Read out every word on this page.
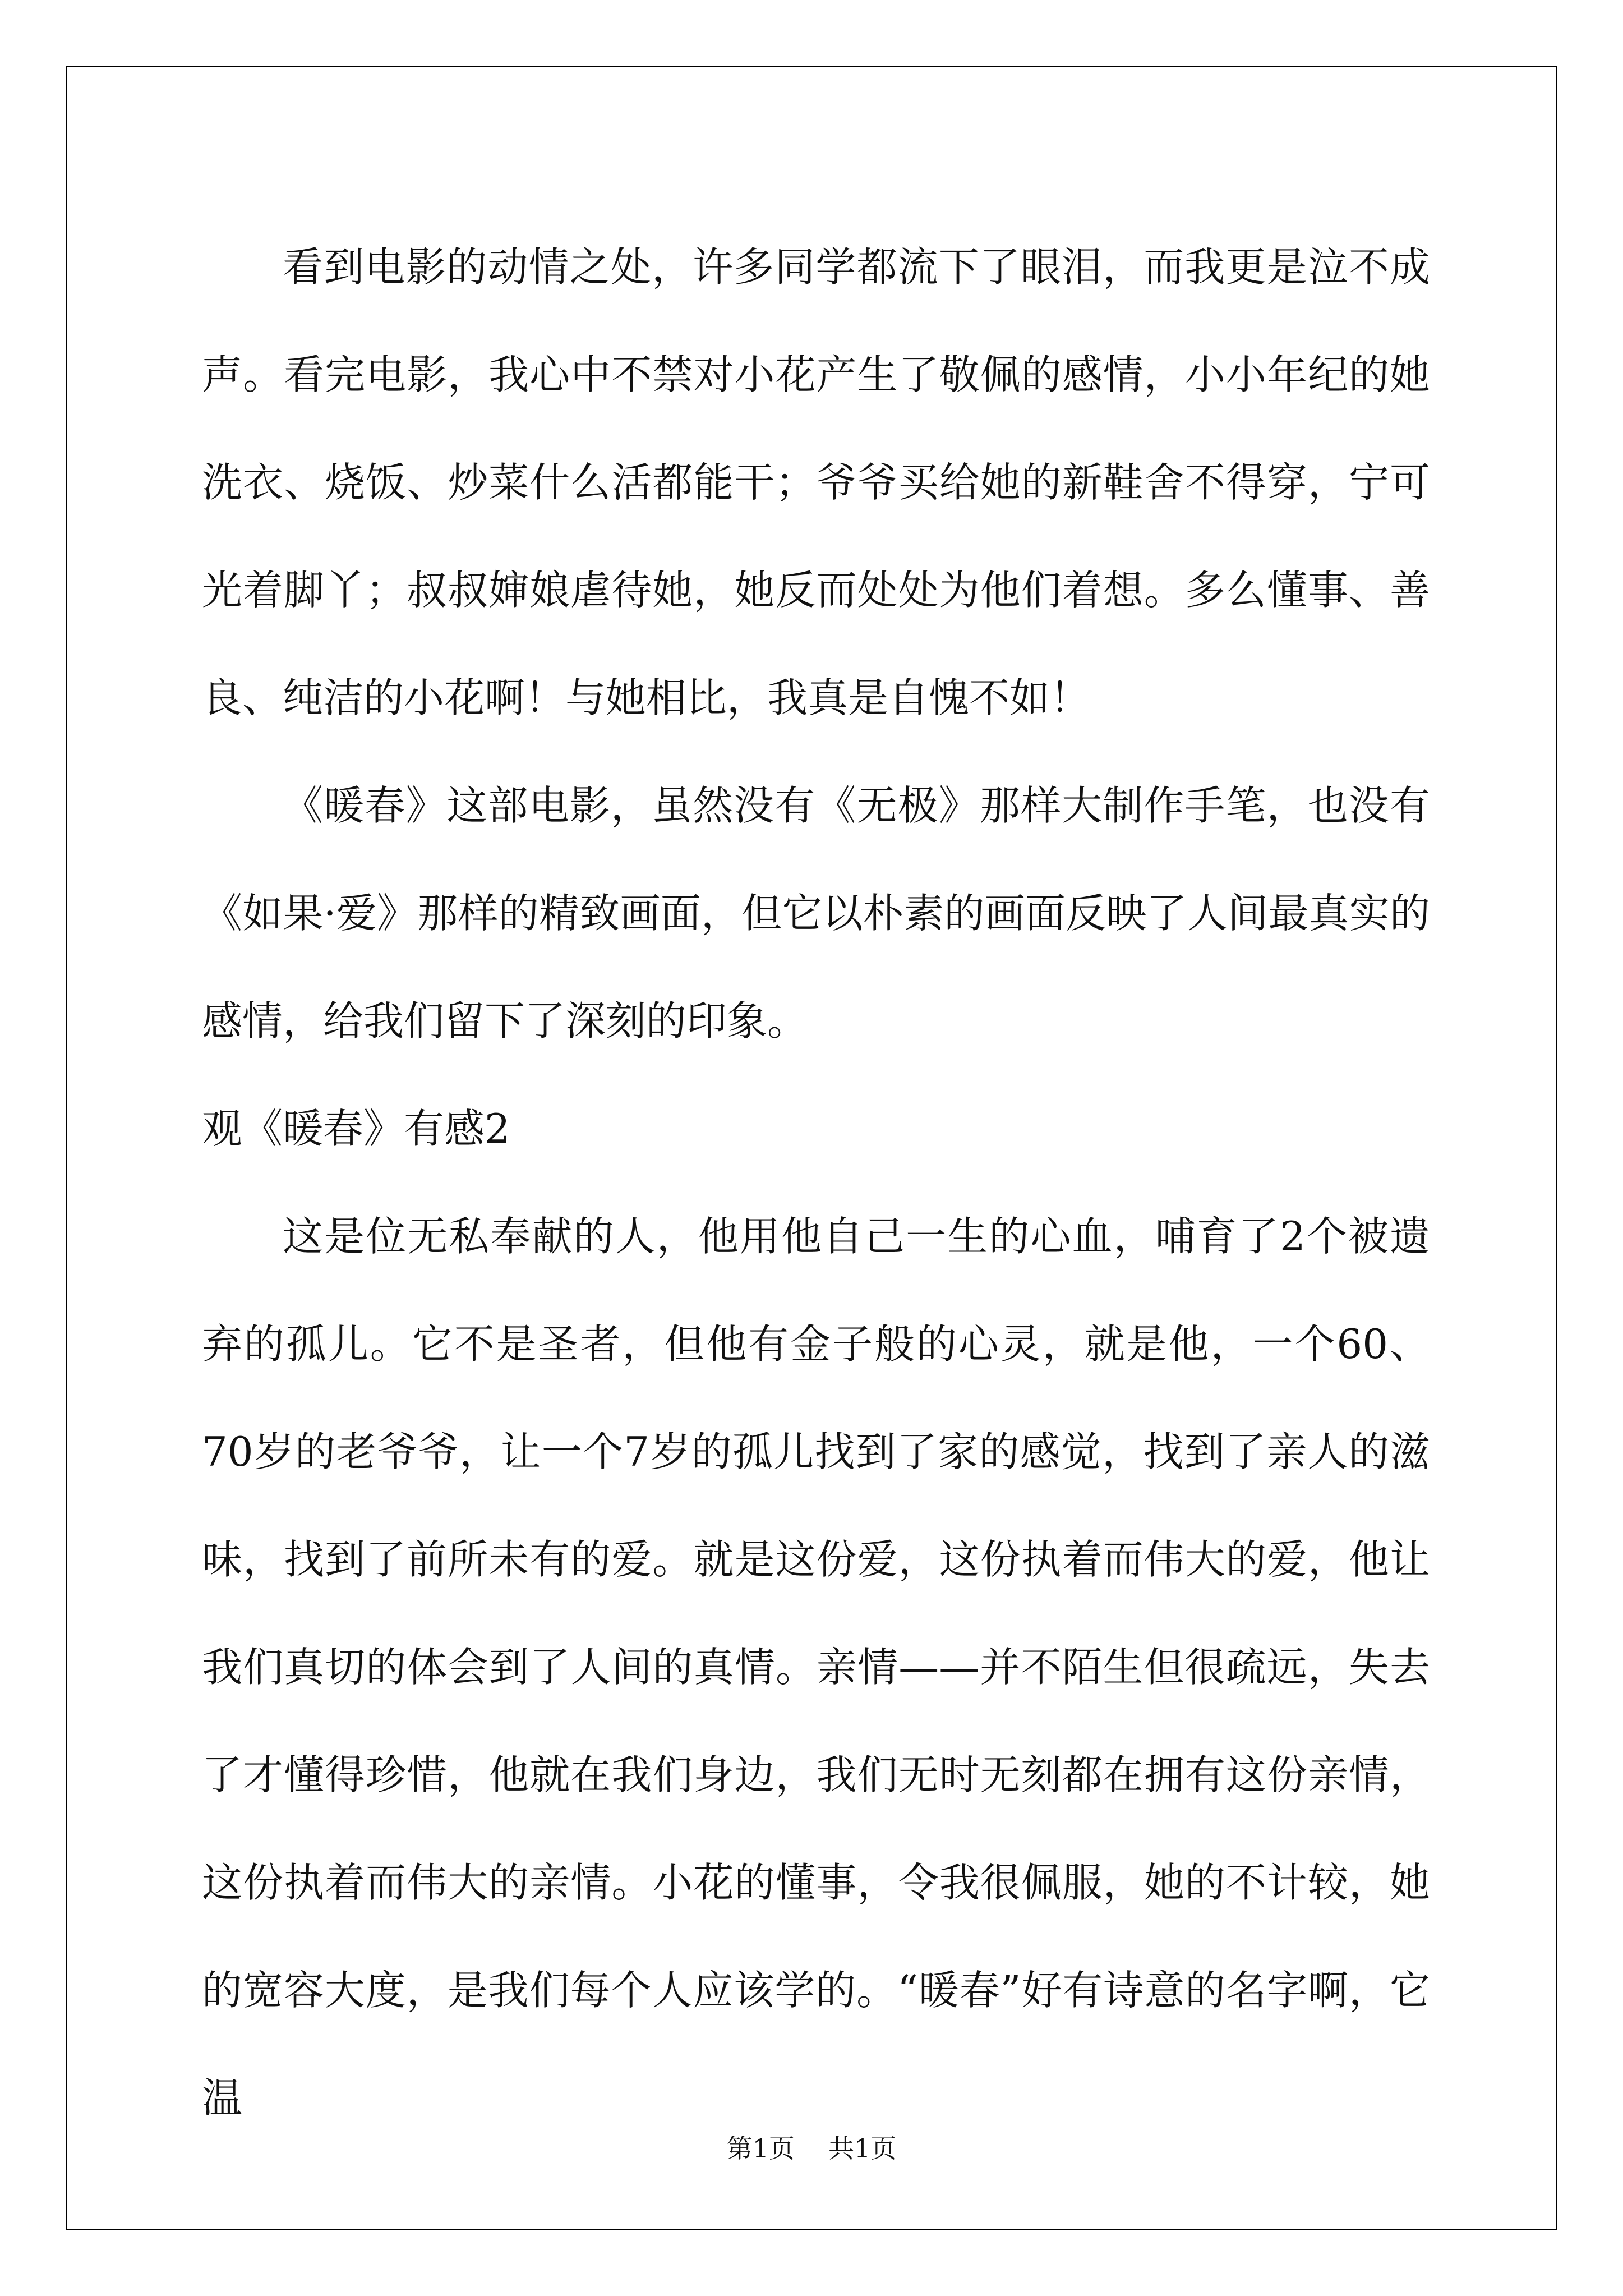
看到电影的动情之处，许多同学都流下了眼泪，而我更是泣不成声。看完电影，我心中不禁对小花产生了敬佩的感情，小小年纪的她洗衣、烧饭、炒菜什么活都能干；爷爷买给她的新鞋舍不得穿，宁可光着脚丫；叔叔婶娘虐待她，她反而处处为他们着想。多么懂事、善良、纯洁的小花啊！与她相比，我真是自愧不如！

《暖春》这部电影，虽然没有《无极》那样大制作手笔，也没有《如果·爱》那样的精致画面，但它以朴素的画面反映了人间最真实的感情，给我们留下了深刻的印象。

观《暖春》有感2

这是位无私奉献的人，他用他自己一生的心血，哺育了2个被遗弃的孤儿。它不是圣者，但他有金子般的心灵，就是他，一个60、70岁的老爷爷，让一个7岁的孤儿找到了家的感觉，找到了亲人的滋味，找到了前所未有的爱。就是这份爱，这份执着而伟大的爱，他让我们真切的体会到了人间的真情。亲情——并不陌生但很疏远，失去了才懂得珍惜，他就在我们身边，我们无时无刻都在拥有这份亲情，这份执着而伟大的亲情。小花的懂事，令我很佩服，她的不计较，她的宽容大度，是我们每个人应该学的。“暖春”好有诗意的名字啊，它温

第1页 共1页
